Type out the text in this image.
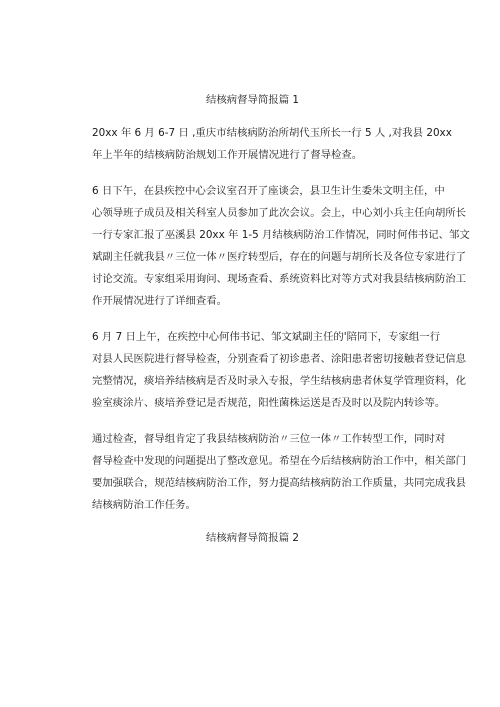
结核病督导简报篇 1

20xx 年 6 月 6-7 日 ,重庆市结核病防治所胡代玉所长一行 5 人 ,对我县 20xx
年上半年的结核病防治规划工作开展情况进行了督导检查。

6 日下午，在县疾控中心会议室召开了座谈会，县卫生计生委朱文明主任，中
心领导班子成员及相关科室人员参加了此次会议。会上，中心刘小兵主任向胡所长
一行专家汇报了巫溪县 20xx 年 1-5 月结核病防治工作情况，同时何伟书记、邹文
斌副主任就我县〃三位一体〃医疗转型后，存在的问题与胡所长及各位专家进行了
讨论交流。专家组采用询问、现场查看、系统资料比对等方式对我县结核病防治工
作开展情况进行了详细查看。

6 月 7 日上午，在疾控中心何伟书记、邹文斌副主任的'陪同下，专家组一行
对县人民医院进行督导检查，分别查看了初诊患者、涂阳患者密切接触者登记信息
完整情况，痰培养结核病是否及时录入专报，学生结核病患者休复学管理资料，化
验室痰涂片、痰培养登记是否规范，阳性菌株运送是否及时以及院内转诊等。

通过检查，督导组肯定了我县结核病防治〃三位一体〃工作转型工作，同时对
督导检查中发现的问题提出了整改意见。希望在今后结核病防治工作中，相关部门
要加强联合，规范结核病防治工作，努力提高结核病防治工作质量，共同完成我县
结核病防治工作任务。

结核病督导简报篇 2
